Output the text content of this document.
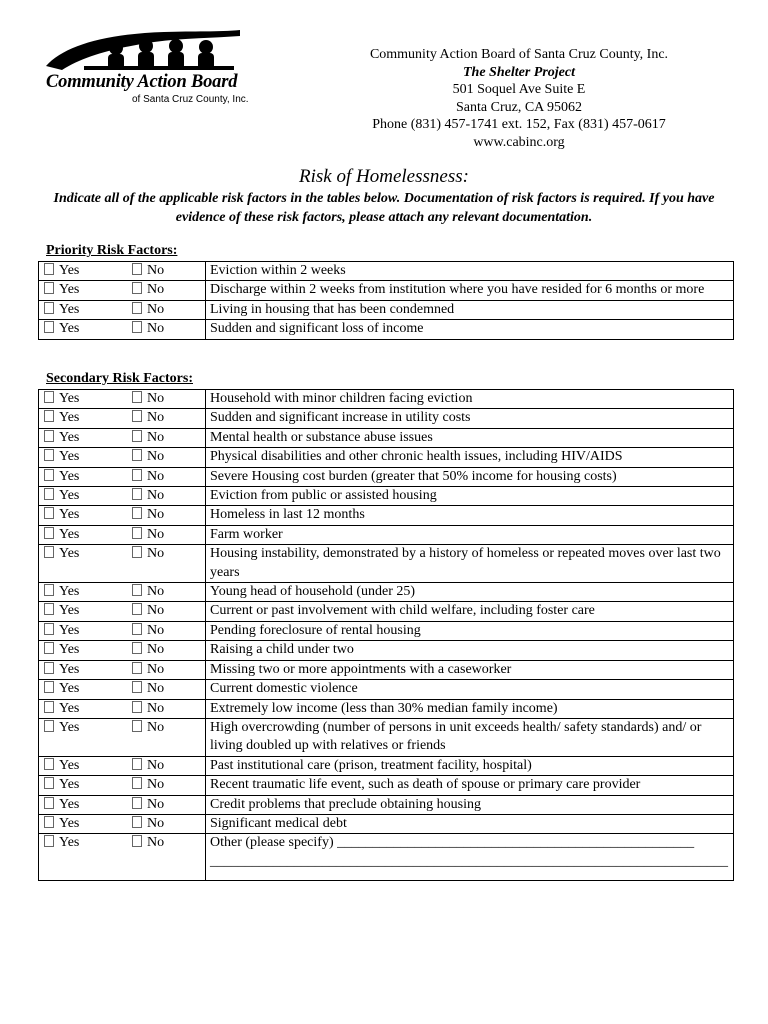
Community Action Board
of Santa Cruz County, Inc.
Community Action Board of Santa Cruz County, Inc.
The Shelter Project
501 Soquel Ave Suite E
Santa Cruz, CA 95062
Phone (831) 457-1741 ext. 152, Fax (831) 457-0617
www.cabinc.org
Risk of Homelessness:
Indicate all of the applicable risk factors in the tables below. Documentation of risk factors is required. If you have evidence of these risk factors, please attach any relevant documentation.
Priority Risk Factors:
Yes No	Eviction within 2 weeks
Yes No	Discharge within 2 weeks from institution where you have resided for 6 months or more
Yes No	Living in housing that has been condemned
Yes No	Sudden and significant loss of income
Secondary Risk Factors:
Yes No	Household with minor children facing eviction
Yes No	Sudden and significant increase in utility costs
Yes No	Mental health or substance abuse issues
Yes No	Physical disabilities and other chronic health issues, including HIV/AIDS
Yes No	Severe Housing cost burden (greater that 50% income for housing costs)
Yes No	Eviction from public or assisted housing
Yes No	Homeless in last 12 months
Yes No	Farm worker
Yes No	Housing instability, demonstrated by a history of homeless or repeated moves over last two years
Yes No	Young head of household (under 25)
Yes No	Current or past involvement with child welfare, including foster care
Yes No	Pending foreclosure of rental housing
Yes No	Raising a child under two
Yes No	Missing two or more appointments with a caseworker
Yes No	Current domestic violence
Yes No	Extremely low income (less than 30% median family income)
Yes No	High overcrowding (number of persons in unit exceeds health/ safety standards) and/ or living doubled up with relatives or friends
Yes No	Past institutional care (prison, treatment facility, hospital)
Yes No	Recent traumatic life event, such as death of spouse or primary care provider
Yes No	Credit problems that preclude obtaining housing
Yes No	Significant medical debt
Yes No	Other (please specify) ___________________________________________________
__________________________________________________________________________
